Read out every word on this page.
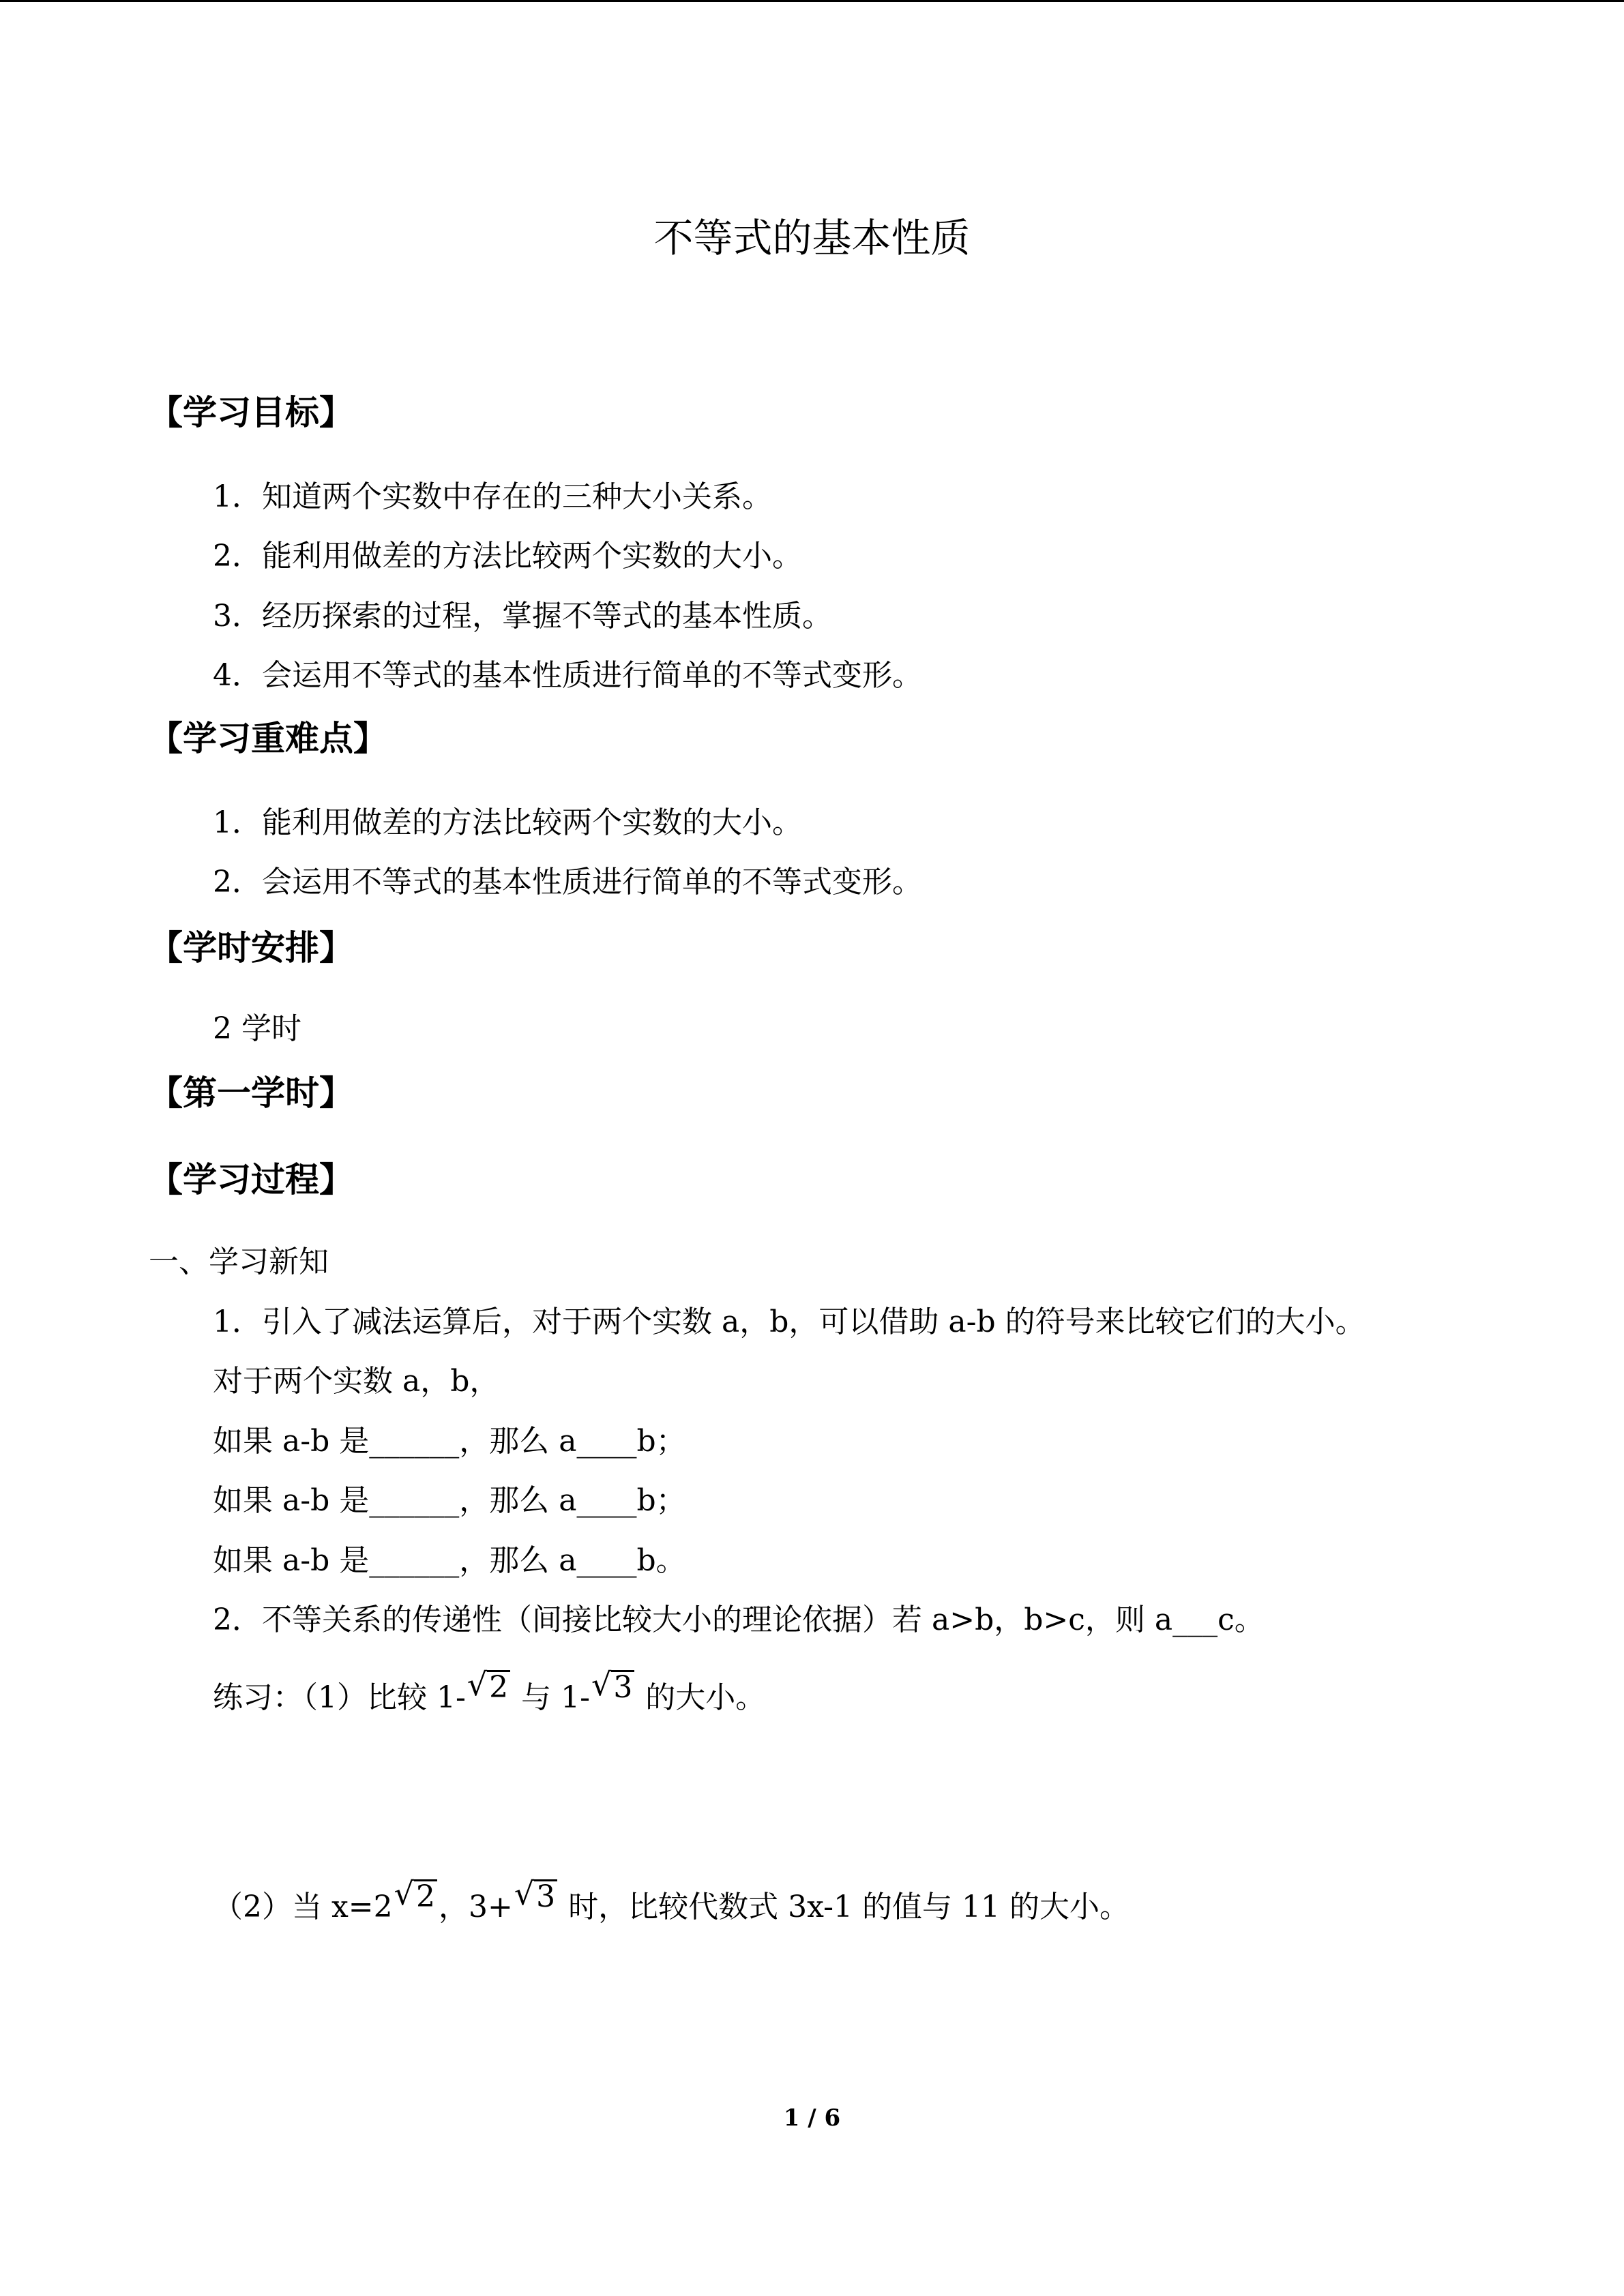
不等式的基本性质
【学习目标】
1．知道两个实数中存在的三种大小关系。
2．能利用做差的方法比较两个实数的大小。
3．经历探索的过程，掌握不等式的基本性质。
4．会运用不等式的基本性质进行简单的不等式变形。
【学习重难点】
1．能利用做差的方法比较两个实数的大小。
2．会运用不等式的基本性质进行简单的不等式变形。
【学时安排】
2 学时
【第一学时】
【学习过程】
一、学习新知
1．引入了减法运算后，对于两个实数 a，b，可以借助 a-b 的符号来比较它们的大小。
对于两个实数 a，b，
如果 a-b 是______，那么 a____b；
如果 a-b 是______，那么 a____b；
如果 a-b 是______，那么 a____b。
2．不等关系的传递性（间接比较大小的理论依据）若 a>b，b>c，则 a___c。
练习：（1）比较 1- √ 2 与 1- √ 3 的大小。
（2）当 x=2 √ 2 ，3+ √ 3 时，比较代数式 3x-1 的值与 11 的大小。
1 / 6
